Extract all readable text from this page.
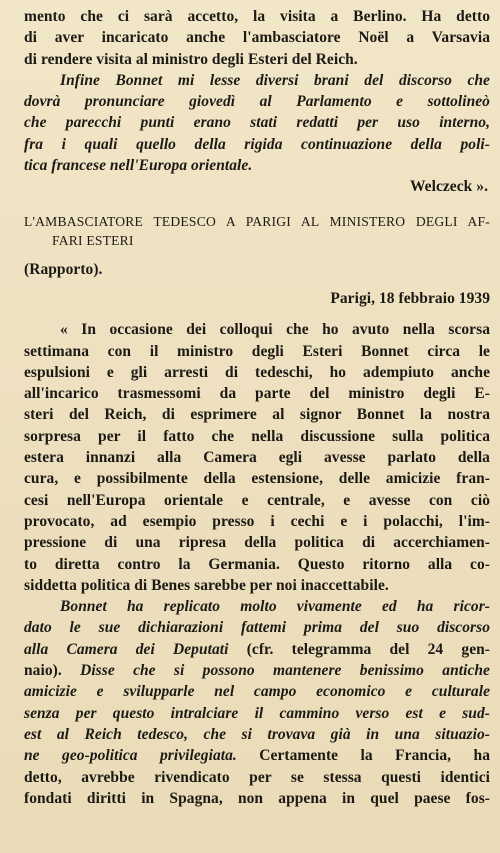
mento che ci sarà accetto, la visita a Berlino. Ha detto
di aver incaricato anche l'ambasciatore Noël a Varsavia
di rendere visita al ministro degli Esteri del Reich.
Infine Bonnet mi lesse diversi brani del discorso che
dovrà pronunciare giovedì al Parlamento e sottolineò
che parecchi punti erano stati redatti per uso interno,
fra i quali quello della rigida continuazione della poli-
tica francese nell'Europa orientale.
Welczeck ».
L'AMBASCIATORE TEDESCO A PARIGI AL MINISTERO DEGLI AF-
FARI ESTERI
(Rapporto).
Parigi, 18 febbraio 1939
« In occasione dei colloqui che ho avuto nella scorsa
settimana con il ministro degli Esteri Bonnet circa le
espulsioni e gli arresti di tedeschi, ho adempiuto anche
all'incarico trasmessomi da parte del ministro degli E-
steri del Reich, di esprimere al signor Bonnet la nostra
sorpresa per il fatto che nella discussione sulla politica
estera innanzi alla Camera egli avesse parlato della
cura, e possibilmente della estensione, delle amicizie fran-
cesi nell'Europa orientale e centrale, e avesse con ciò
provocato, ad esempio presso i cechi e i polacchi, l'im-
pressione di una ripresa della politica di accerchiamen-
to diretta contro la Germania. Questo ritorno alla co-
siddetta politica di Benes sarebbe per noi inaccettabile.
Bonnet ha replicato molto vivamente ed ha ricor-
dato le sue dichiarazioni fattemi prima del suo discorso
alla Camera dei Deputati (cfr. telegramma del 24 gen-
naio). Disse che si possono mantenere benissimo antiche
amicizie e svilupparle nel campo economico e culturale
senza per questo intralciare il cammino verso est e sud-
est al Reich tedesco, che si trovava già in una situazio-
ne geo-politica privilegiata. Certamente la Francia, ha
detto, avrebbe rivendicato per se stessa questi identici
fondati diritti in Spagna, non appena in quel paese fos-
